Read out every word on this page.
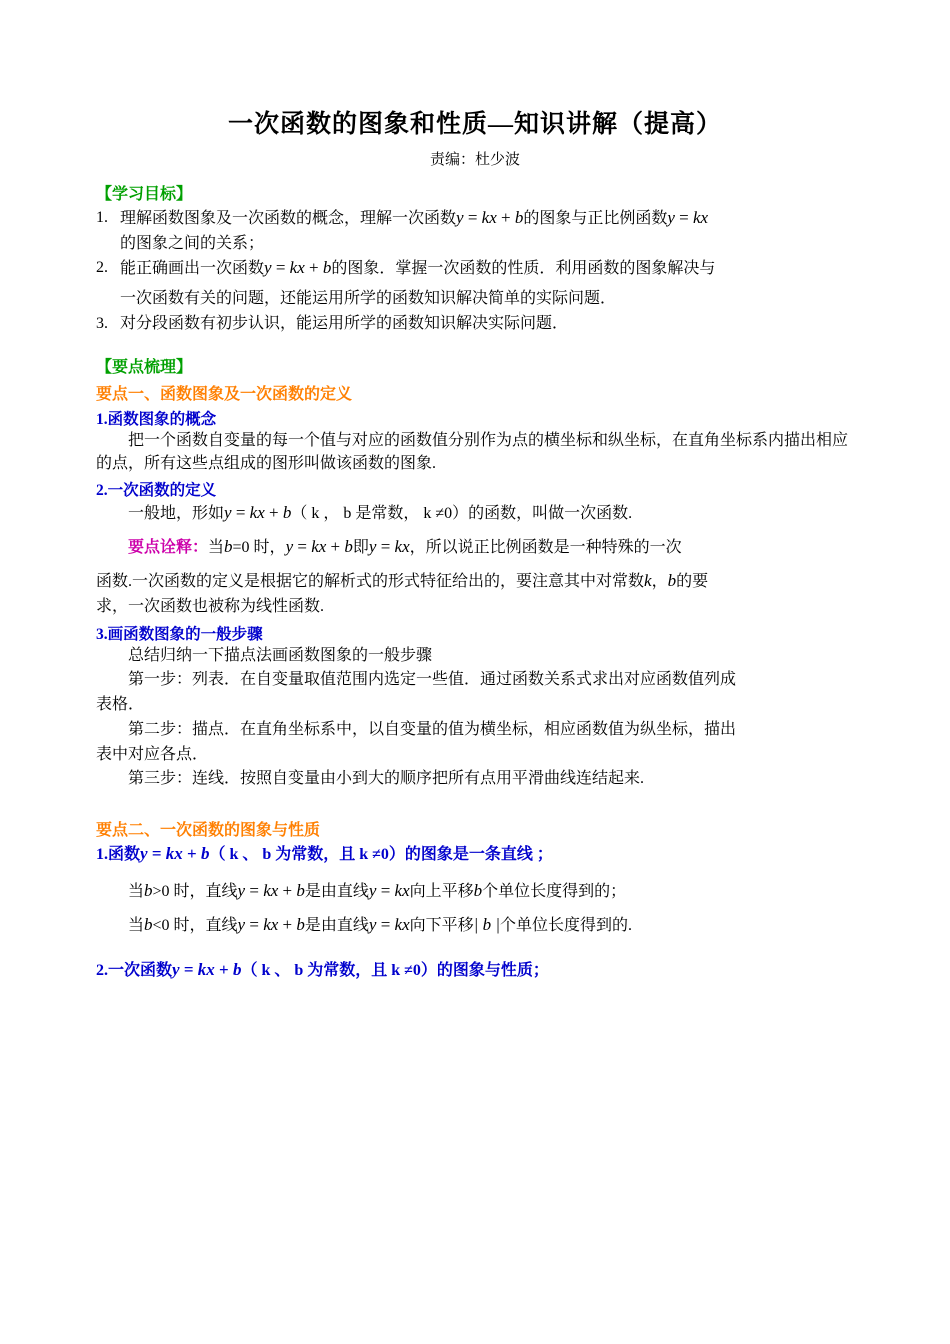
一次函数的图象和性质—知识讲解（提高）
责编：杜少波
【学习目标】
1. 理解函数图象及一次函数的概念，理解一次函数y = kx + b的图象与正比例函数y = kx
的图象之间的关系；
2. 能正确画出一次函数y = kx + b的图象．掌握一次函数的性质．利用函数的图象解决与
一次函数有关的问题，还能运用所学的函数知识解决简单的实际问题．
3. 对分段函数有初步认识，能运用所学的函数知识解决实际问题．
【要点梳理】
要点一、函数图象及一次函数的定义
1.函数图象的概念

把一个函数自变量的每一个值与对应的函数值分别作为点的横坐标和纵坐标，在直角坐标系内描出相应的点，所有这些点组成的图形叫做该函数的图象.

2.一次函数的定义

一般地，形如y = kx + b（ k ， b 是常数， k ≠0）的函数，叫做一次函数.

要点诠释：当b=0 时，y = kx + b即y = kx，所以说正比例函数是一种特殊的一次

函数.一次函数的定义是根据它的解析式的形式特征给出的，要注意其中对常数k，b的要

求，一次函数也被称为线性函数.

3.画函数图象的一般步骤

总结归纳一下描点法画函数图象的一般步骤

第一步：列表．在自变量取值范围内选定一些值．通过函数关系式求出对应函数值列成

表格．

第二步：描点．在直角坐标系中，以自变量的值为横坐标，相应函数值为纵坐标，描出

表中对应各点．

第三步：连线．按照自变量由小到大的顺序把所有点用平滑曲线连结起来.

要点二、一次函数的图象与性质

1.函数y = kx + b（ k 、 b 为常数，且 k ≠0）的图象是一条直线 ；

当b>0 时，直线y = kx + b是由直线y = kx向上平移b个单位长度得到的；

当b<0 时，直线y = kx + b是由直线y = kx向下平移| b |个单位长度得到的.

2.一次函数y = kx + b（ k 、 b 为常数，且 k ≠0）的图象与性质；
